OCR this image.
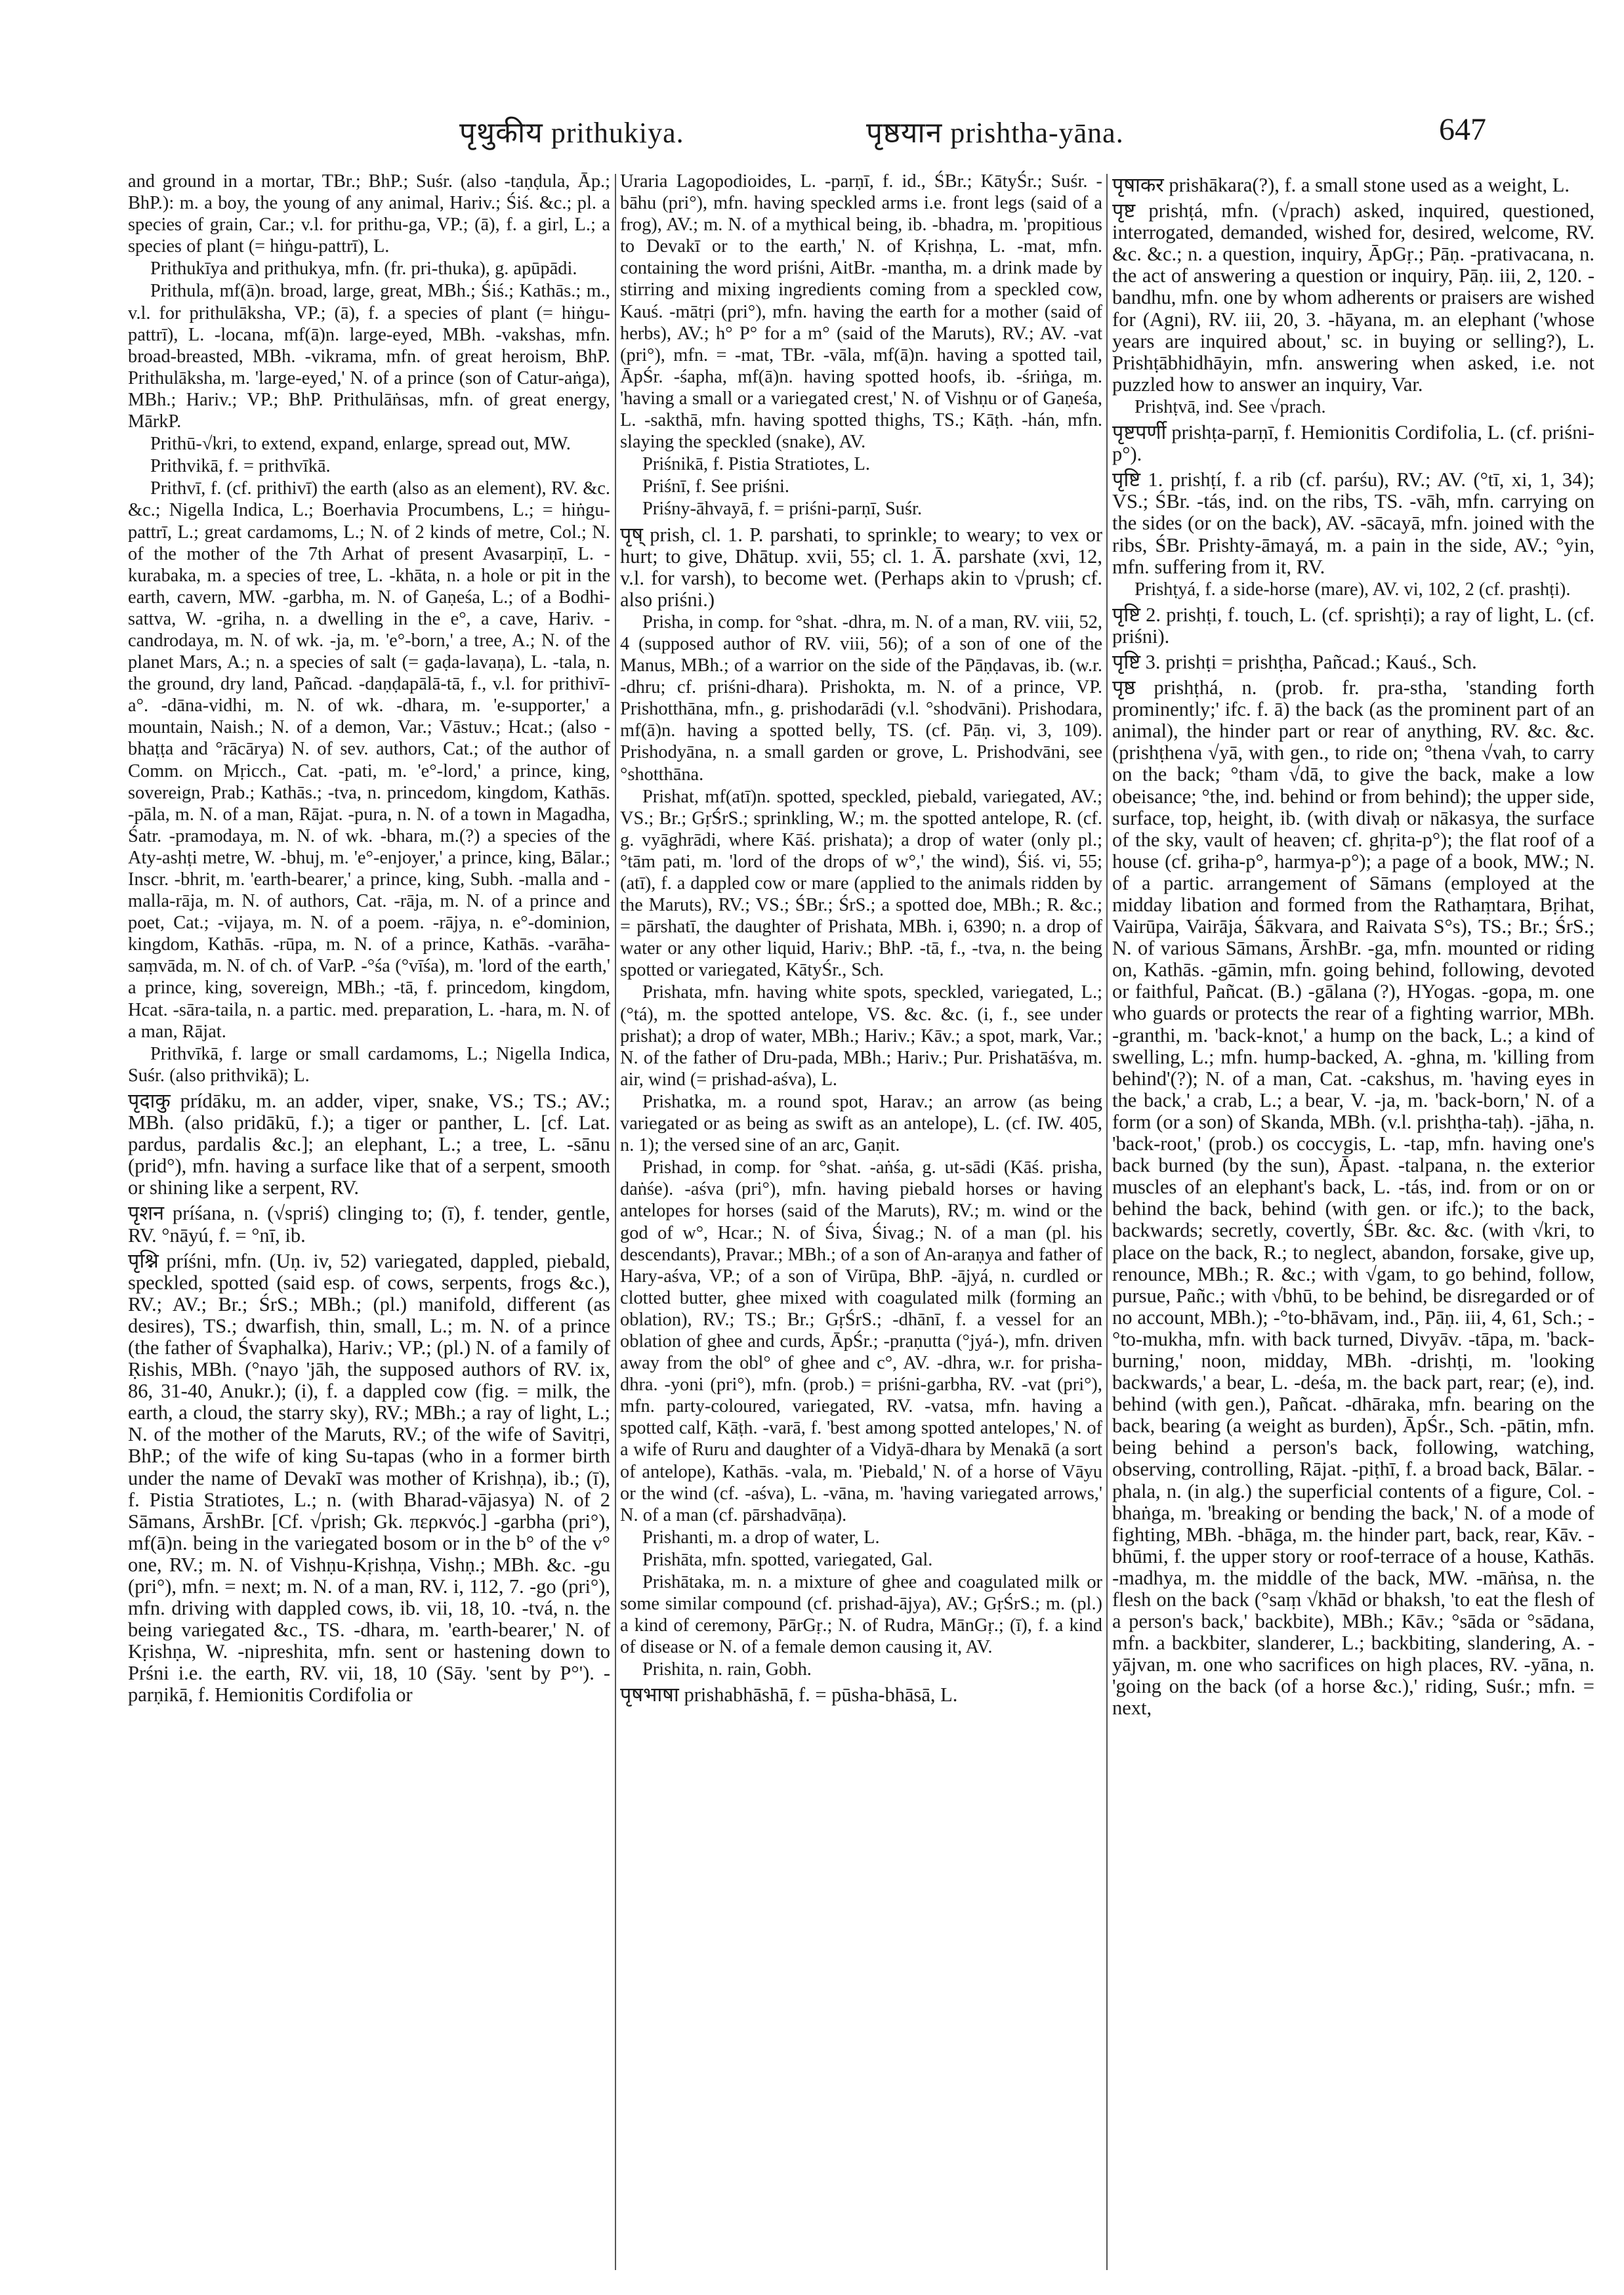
पृथुकीय prithukiya.	पृष्ठयान prishtha-yāna.	647

and ground in a mortar, TBr.; BhP.; Suśr. (also -taṇḍula, Āp.; BhP.): m. a boy, the young of any animal, Hariv.; Śiś. &c.; pl. a species of grain, Car.; v.l. for prithu-ga, VP.; (ā), f. a girl, L.; a species of plant (= hiṅgu-pattrī), L.

Prithukīya and prithukya, mfn. (fr. pri-thuka), g. apūpādi.

Prithula, mf(ā)n. broad, large, great, MBh.; Śiś.; Kathās.; m., v.l. for prithulāksha, VP.; (ā), f. a species of plant (= hiṅgu-pattrī), L. -locana, mf(ā)n. large-eyed, MBh. -vakshas, mfn. broad-breasted, MBh. -vikrama, mfn. of great heroism, BhP. Prithulāksha, m. 'large-eyed,' N. of a prince (son of Catur-aṅga), MBh.; Hariv.; VP.; BhP. Prithulāṅsas, mfn. of great energy, MārkP.

Prithū-√kri, to extend, expand, enlarge, spread out, MW.

Prithvikā, f. = prithvīkā.

Prithvī, f. (cf. prithivī) the earth (also as an element), RV. &c. &c.; Nigella Indica, L.; Boerhavia Procumbens, L.; = hiṅgu-pattrī, L.; great cardamoms, L.; N. of 2 kinds of metre, Col.; N. of the mother of the 7th Arhat of present Avasarpiṇī, L. -kurabaka, m. a species of tree, L. -khāta, n. a hole or pit in the earth, cavern, MW. -garbha, m. N. of Gaṇeśa, L.; of a Bodhi-sattva, W. -griha, n. a dwelling in the e°, a cave, Hariv. -candrodaya, m. N. of wk. -ja, m. 'e°-born,' a tree, A.; N. of the planet Mars, A.; n. a species of salt (= gaḍa-lavaṇa), L. -tala, n. the ground, dry land, Pañcad. -daṇḍapālā-tā, f., v.l. for prithivī-a°. -dāna-vidhi, m. N. of wk. -dhara, m. 'e-supporter,' a mountain, Naish.; N. of a demon, Var.; Vāstuv.; Hcat.; (also -bhaṭṭa and °rācārya) N. of sev. authors, Cat.; of the author of Comm. on Mṛicch., Cat. -pati, m. 'e°-lord,' a prince, king, sovereign, Prab.; Kathās.; -tva, n. princedom, kingdom, Kathās. -pāla, m. N. of a man, Rājat. -pura, n. N. of a town in Magadha, Śatr. -pramodaya, m. N. of wk. -bhara, m.(?) a species of the Aty-ashṭi metre, W. -bhuj, m. 'e°-enjoyer,' a prince, king, Bālar.; Inscr. -bhrit, m. 'earth-bearer,' a prince, king, Subh. -malla and -malla-rāja, m. N. of authors, Cat. -rāja, m. N. of a prince and poet, Cat.; -vijaya, m. N. of a poem. -rājya, n. e°-dominion, kingdom, Kathās. -rūpa, m. N. of a prince, Kathās. -varāha-saṃvāda, m. N. of ch. of VarP. -°śa (°vīśa), m. 'lord of the earth,' a prince, king, sovereign, MBh.; -tā, f. princedom, kingdom, Hcat. -sāra-taila, n. a partic. med. preparation, L. -hara, m. N. of a man, Rājat.

Prithvīkā, f. large or small cardamoms, L.; Nigella Indica, Suśr. (also prithvikā); L.

पृदाकु prídāku, m. an adder, viper, snake, VS.; TS.; AV.; MBh. (also pridākū, f.); a tiger or panther, L. [cf. Lat. pardus, pardalis &c.]; an elephant, L.; a tree, L. -sānu (prid°), mfn. having a surface like that of a serpent, smooth or shining like a serpent, RV.

पृशन príśana, n. (√spriś) clinging to; (ī), f. tender, gentle, RV. °nāyú, f. = °nī, ib.

पृश्नि príśni, mfn. (Uṇ. iv, 52) variegated, dappled, piebald, speckled, spotted (said esp. of cows, serpents, frogs &c.), RV.; AV.; Br.; ŚrS.; MBh.; (pl.) manifold, different (as desires), TS.; dwarfish, thin, small, L.; m. N. of a prince (the father of Śvaphalka), Hariv.; VP.; (pl.) N. of a family of Ṛishis, MBh. (°nayo 'jāh, the supposed authors of RV. ix, 86, 31-40, Anukr.); (i), f. a dappled cow (fig. = milk, the earth, a cloud, the starry sky), RV.; MBh.; a ray of light, L.; N. of the mother of the Maruts, RV.; of the wife of Savitṛi, BhP.; of the wife of king Su-tapas (who in a former birth under the name of Devakī was mother of Krishṇa), ib.; (ī), f. Pistia Stratiotes, L.; n. (with Bharad-vājasya) N. of 2 Sāmans, ĀrshBr. [Cf. √prish; Gk. περκνός.] -garbha (pri°), mf(ā)n. being in the variegated bosom or in the b° of the v° one, RV.; m. N. of Vishṇu-Kṛishṇa, Vishṇ.; MBh. &c. -gu (pri°), mfn. = next; m. N. of a man, RV. i, 112, 7. -go (pri°), mfn. driving with dappled cows, ib. vii, 18, 10. -tvá, n. the being variegated &c., TS. -dhara, m. 'earth-bearer,' N. of Kṛishṇa, W. -nipreshita, mfn. sent or hastening down to Prśni i.e. the earth, RV. vii, 18, 10 (Sāy. 'sent by P°'). -parṇikā, f. Hemionitis Cordifolia or

Uraria Lagopodioides, L. -parṇī, f. id., ŚBr.; KātyŚr.; Suśr. -bāhu (pri°), mfn. having speckled arms i.e. front legs (said of a frog), AV.; m. N. of a mythical being, ib. -bhadra, m. 'propitious to Devakī or to the earth,' N. of Kṛishṇa, L. -mat, mfn. containing the word priśni, AitBr. -mantha, m. a drink made by stirring and mixing ingredients coming from a speckled cow, Kauś. -mātṛi (pri°), mfn. having the earth for a mother (said of herbs), AV.; h° P° for a m° (said of the Maruts), RV.; AV. -vat (pri°), mfn. = -mat, TBr. -vāla, mf(ā)n. having a spotted tail, ĀpŚr. -śapha, mf(ā)n. having spotted hoofs, ib. -śriṅga, m. 'having a small or a variegated crest,' N. of Vishṇu or of Gaṇeśa, L. -sakthā, mfn. having spotted thighs, TS.; Kāṭh. -hán, mfn. slaying the speckled (snake), AV.

Priśnikā, f. Pistia Stratiotes, L.

Priśnī, f. See priśni.

Priśny-āhvayā, f. = priśni-parṇī, Suśr.

पृष् prish, cl. 1. P. parshati, to sprinkle; to weary; to vex or hurt; to give, Dhātup. xvii, 55; cl. 1. Ā. parshate (xvi, 12, v.l. for varsh), to become wet. (Perhaps akin to √prush; cf. also priśni.)

Prisha, in comp. for °shat. -dhra, m. N. of a man, RV. viii, 52, 4 (supposed author of RV. viii, 56); of a son of one of the Manus, MBh.; of a warrior on the side of the Pāṇḍavas, ib. (w.r. -dhru; cf. priśni-dhara). Prishokta, m. N. of a prince, VP. Prishotthāna, mfn., g. prishodarādi (v.l. °shodvāni). Prishodara, mf(ā)n. having a spotted belly, TS. (cf. Pāṇ. vi, 3, 109). Prishodyāna, n. a small garden or grove, L. Prishodvāni, see °shotthāna.

Prishat, mf(atī)n. spotted, speckled, piebald, variegated, AV.; VS.; Br.; GṛŚrS.; sprinkling, W.; m. the spotted antelope, R. (cf. g. vyāghrādi, where Kāś. prishata); a drop of water (only pl.; °tām pati, m. 'lord of the drops of w°,' the wind), Śiś. vi, 55; (atī), f. a dappled cow or mare (applied to the animals ridden by the Maruts), RV.; VS.; ŚBr.; ŚrS.; a spotted doe, MBh.; R. &c.; = pārshatī, the daughter of Prishata, MBh. i, 6390; n. a drop of water or any other liquid, Hariv.; BhP. -tā, f., -tva, n. the being spotted or variegated, KātyŚr., Sch.

Prishata, mfn. having white spots, speckled, variegated, L.; (°tá), m. the spotted antelope, VS. &c. &c. (i, f., see under prishat); a drop of water, MBh.; Hariv.; Kāv.; a spot, mark, Var.; N. of the father of Dru-pada, MBh.; Hariv.; Pur. Prishatāśva, m. air, wind (= prishad-aśva), L.

Prishatka, m. a round spot, Harav.; an arrow (as being variegated or as being as swift as an antelope), L. (cf. IW. 405, n. 1); the versed sine of an arc, Gaṇit.

Prishad, in comp. for °shat. -aṅśa, g. ut-sādi (Kāś. prisha, daṅśe). -aśva (pri°), mfn. having piebald horses or having antelopes for horses (said of the Maruts), RV.; m. wind or the god of w°, Hcar.; N. of Śiva, Śivag.; N. of a man (pl. his descendants), Pravar.; MBh.; of a son of An-araṇya and father of Hary-aśva, VP.; of a son of Virūpa, BhP. -ājyá, n. curdled or clotted butter, ghee mixed with coagulated milk (forming an oblation), RV.; TS.; Br.; GṛŚrS.; -dhānī, f. a vessel for an oblation of ghee and curds, ĀpŚr.; -praṇutta (°jyá-), mfn. driven away from the obl° of ghee and c°, AV. -dhra, w.r. for prisha-dhra. -yoni (pri°), mfn. (prob.) = priśni-garbha, RV. -vat (pri°), mfn. party-coloured, variegated, RV. -vatsa, mfn. having a spotted calf, Kāṭh. -varā, f. 'best among spotted antelopes,' N. of a wife of Ruru and daughter of a Vidyā-dhara by Menakā (a sort of antelope), Kathās. -vala, m. 'Piebald,' N. of a horse of Vāyu or the wind (cf. -aśva), L. -vāna, m. 'having variegated arrows,' N. of a man (cf. pārshadvāṇa).

Prishanti, m. a drop of water, L.

Prishāta, mfn. spotted, variegated, Gal.

Prishātaka, m. n. a mixture of ghee and coagulated milk or some similar compound (cf. prishad-ājya), AV.; GṛŚrS.; m. (pl.) a kind of ceremony, PārGṛ.; N. of Rudra, MānGṛ.; (ī), f. a kind of disease or N. of a female demon causing it, AV.

Prishita, n. rain, Gobh.

पृषभाषा prishabhāshā, f. = pūsha-bhāsā, L.

पृषाकर prishākara(?), f. a small stone used as a weight, L.

पृष्ट prishṭá, mfn. (√prach) asked, inquired, questioned, interrogated, demanded, wished for, desired, welcome, RV. &c. &c.; n. a question, inquiry, ĀpGṛ.; Pāṇ. -prativacana, n. the act of answering a question or inquiry, Pāṇ. iii, 2, 120. -bandhu, mfn. one by whom adherents or praisers are wished for (Agni), RV. iii, 20, 3. -hāyana, m. an elephant ('whose years are inquired about,' sc. in buying or selling?), L. Prishṭābhidhāyin, mfn. answering when asked, i.e. not puzzled how to answer an inquiry, Var.

Prishṭvā, ind. See √prach.

पृष्टपर्णी prishṭa-parṇī, f. Hemionitis Cordifolia, L. (cf. priśni-p°).

पृष्टि 1. prishṭí, f. a rib (cf. parśu), RV.; AV. (°tī, xi, 1, 34); VS.; ŚBr. -tás, ind. on the ribs, TS. -vāh, mfn. carrying on the sides (or on the back), AV. -sācayā, mfn. joined with the ribs, ŚBr. Prishty-āmayá, m. a pain in the side, AV.; °yin, mfn. suffering from it, RV.

Prishṭyá, f. a side-horse (mare), AV. vi, 102, 2 (cf. prashṭi).

पृष्टि 2. prishṭi, f. touch, L. (cf. sprishṭi); a ray of light, L. (cf. priśni).

पृष्टि 3. prishṭi = prishṭha, Pañcad.; Kauś., Sch.

पृष्ठ prishṭhá, n. (prob. fr. pra-stha, 'standing forth prominently;' ifc. f. ā) the back (as the prominent part of an animal), the hinder part or rear of anything, RV. &c. &c. (prishṭhena √yā, with gen., to ride on; °thena √vah, to carry on the back; °tham √dā, to give the back, make a low obeisance; °the, ind. behind or from behind); the upper side, surface, top, height, ib. (with divaḥ or nākasya, the surface of the sky, vault of heaven; cf. ghṛita-p°); the flat roof of a house (cf. griha-p°, harmya-p°); a page of a book, MW.; N. of a partic. arrangement of Sāmans (employed at the midday libation and formed from the Rathaṃtara, Bṛihat, Vairūpa, Vairāja, Śākvara, and Raivata S°s), TS.; Br.; ŚrS.; N. of various Sāmans, ĀrshBr. -ga, mfn. mounted or riding on, Kathās. -gāmin, mfn. going behind, following, devoted or faithful, Pañcat. (B.) -gālana (?), HYogas. -gopa, m. one who guards or protects the rear of a fighting warrior, MBh. -granthi, m. 'back-knot,' a hump on the back, L.; a kind of swelling, L.; mfn. hump-backed, A. -ghna, m. 'killing from behind'(?); N. of a man, Cat. -cakshus, m. 'having eyes in the back,' a crab, L.; a bear, V. -ja, m. 'back-born,' N. of a form (or a son) of Skanda, MBh. (v.l. prishṭha-taḥ). -jāha, n. 'back-root,' (prob.) os coccygis, L. -tap, mfn. having one's back burned (by the sun), Āpast. -talpana, n. the exterior muscles of an elephant's back, L. -tás, ind. from or on or behind the back, behind (with gen. or ifc.); to the back, backwards; secretly, covertly, ŚBr. &c. &c. (with √kri, to place on the back, R.; to neglect, abandon, forsake, give up, renounce, MBh.; R. &c.; with √gam, to go behind, follow, pursue, Pañc.; with √bhū, to be behind, be disregarded or of no account, MBh.); -°to-bhāvam, ind., Pāṇ. iii, 4, 61, Sch.; -°to-mukha, mfn. with back turned, Divyāv. -tāpa, m. 'back-burning,' noon, midday, MBh. -drishṭi, m. 'looking backwards,' a bear, L. -deśa, m. the back part, rear; (e), ind. behind (with gen.), Pañcat. -dhāraka, mfn. bearing on the back, bearing (a weight as burden), ĀpŚr., Sch. -pātin, mfn. being behind a person's back, following, watching, observing, controlling, Rājat. -piṭhī, f. a broad back, Bālar. -phala, n. (in alg.) the superficial contents of a figure, Col. -bhaṅga, m. 'breaking or bending the back,' N. of a mode of fighting, MBh. -bhāga, m. the hinder part, back, rear, Kāv. -bhūmi, f. the upper story or roof-terrace of a house, Kathās. -madhya, m. the middle of the back, MW. -māṅsa, n. the flesh on the back (°saṃ √khād or bhaksh, 'to eat the flesh of a person's back,' backbite), MBh.; Kāv.; °sāda or °sādana, mfn. a backbiter, slanderer, L.; backbiting, slandering, A. -yājvan, m. one who sacrifices on high places, RV. -yāna, n. 'going on the back (of a horse &c.),' riding, Suśr.; mfn. = next,
